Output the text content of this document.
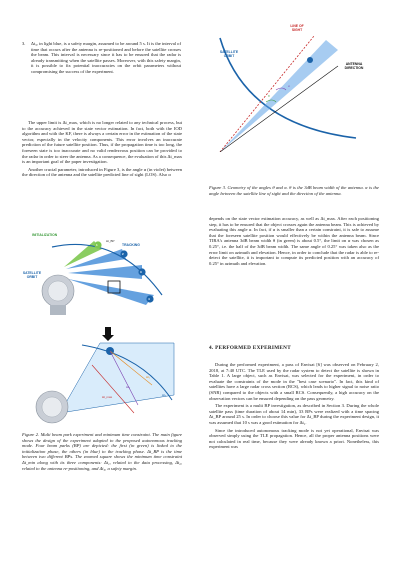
3. Δt₃, in light blue, is a safety margin, assumed to be around 5 s. It is the interval of time that occurs after the antenna is re-positioned and before the satellite crosses the beam. This interval is necessary since it has to be ensured that the radar is already transmitting when the satellite passes. Moreover, with this safety margin, it is possible to fix potential inaccuracies on the orbit parameters without compromising the success of the experiment.

The upper limit is Δt_max, which is no longer related to any technical process, but to the accuracy achieved in the state vector estimation. In fact, both with the IOD algorithm and with the KF, there is always a certain error in the estimation of the state vector, especially in the velocity components. This error involves an inaccurate prediction of the future satellite position. Thus, if the propagation time is too long, the foreseen state is too inaccurate and no valid rendezvous position can be provided to the radar in order to steer the antenna. As a consequence, the evaluation of this Δt_max is an important goal of the paper investigation.

Another crucial parameter, introduced in Figure 3, is the angle α (in violet) between the direction of the antenna and the satellite predicted line of sight (LOS). Also α

INITIALIZATION
TRACKING
SATELLITE
ORBIT
Δt_BP
1
2
3
4
Δt₁
Δt₂
Δt₃
Δt_max
Figure 2. Multi beam park experiment and minimum time constraint. The main figure shows the design of the experiment adapted to the proposed autonomous tracking mode. Four beam parks (BP) are depicted: the first (in green) is linked to the initialization phase, the others (in blue) to the tracking phase. Δt_BP is the time between two different BPs. The zoomed square shows the minimum time constraint Δt_min along with its three components: Δt₁, related to the data processing, Δt₂, related to the antenna re-positioning, and Δt₃, a safety margin.
SATELLITE
ORBIT
LINE OF
SIGHT
ANTENNA
DIRECTION
α
θ
Figure 3. Geometry of the angles θ and α. θ is the 3dB beam width of the antenna. α is the angle between the satellite line of sight and the direction of the antenna.

depends on the state vector estimation accuracy, as well as Δt_max. After each positioning step, it has to be ensured that the object crosses again the antenna beam. This is achieved by evaluating this angle α. In fact, if α is smaller than a certain constraint, it is safe to assume that the foreseen satellite position would effectively be within the antenna beam. Since TIRA's antenna 3dB beam width θ (in green) is about 0.5°, the limit on α was chosen as 0.25°, i.e. the half of the 3dB beam width. The same angle of 0.25° was taken also as the error limit on azimuth and elevation. Hence, in order to conclude that the radar is able to re-detect the satellite, it is important to compute its predicted position with an accuracy of 0.25° in azimuth and elevation.

4. PERFORMED EXPERIMENT

During the performed experiment, a pass of Envisat [6] was observed on February 2, 2018, at 7:40 UTC. The TLE used by the radar system to detect the satellite is shown in Table 1. A large object, such as Envisat, was selected for the experiment, in order to evaluate the constraints of the mode in the "best case scenario". In fact, this kind of satellites have a large radar cross section (RCS), which leads to higher signal to noise ratio (SNR) compared to the objects with a small RCS. Consequently, a high accuracy on the observation vectors can be ensured depending on the pass geometry.

The experiment is a multi BP investigation, as described in Section 3. During the whole satellite pass (time duration of about 14 min), 33 BPs were realized with a time spacing Δt_BP around 25 s. In order to choose this value for Δt_BP during the experiment design, it was assumed that 10 s was a good estimation for Δt₁.

Since the introduced autonomous tracking mode is not yet operational, Envisat was observed simply using the TLE propagation. Hence, all the proper antenna positions were not calculated in real time, because they were already known a priori. Nonetheless, this experiment was
